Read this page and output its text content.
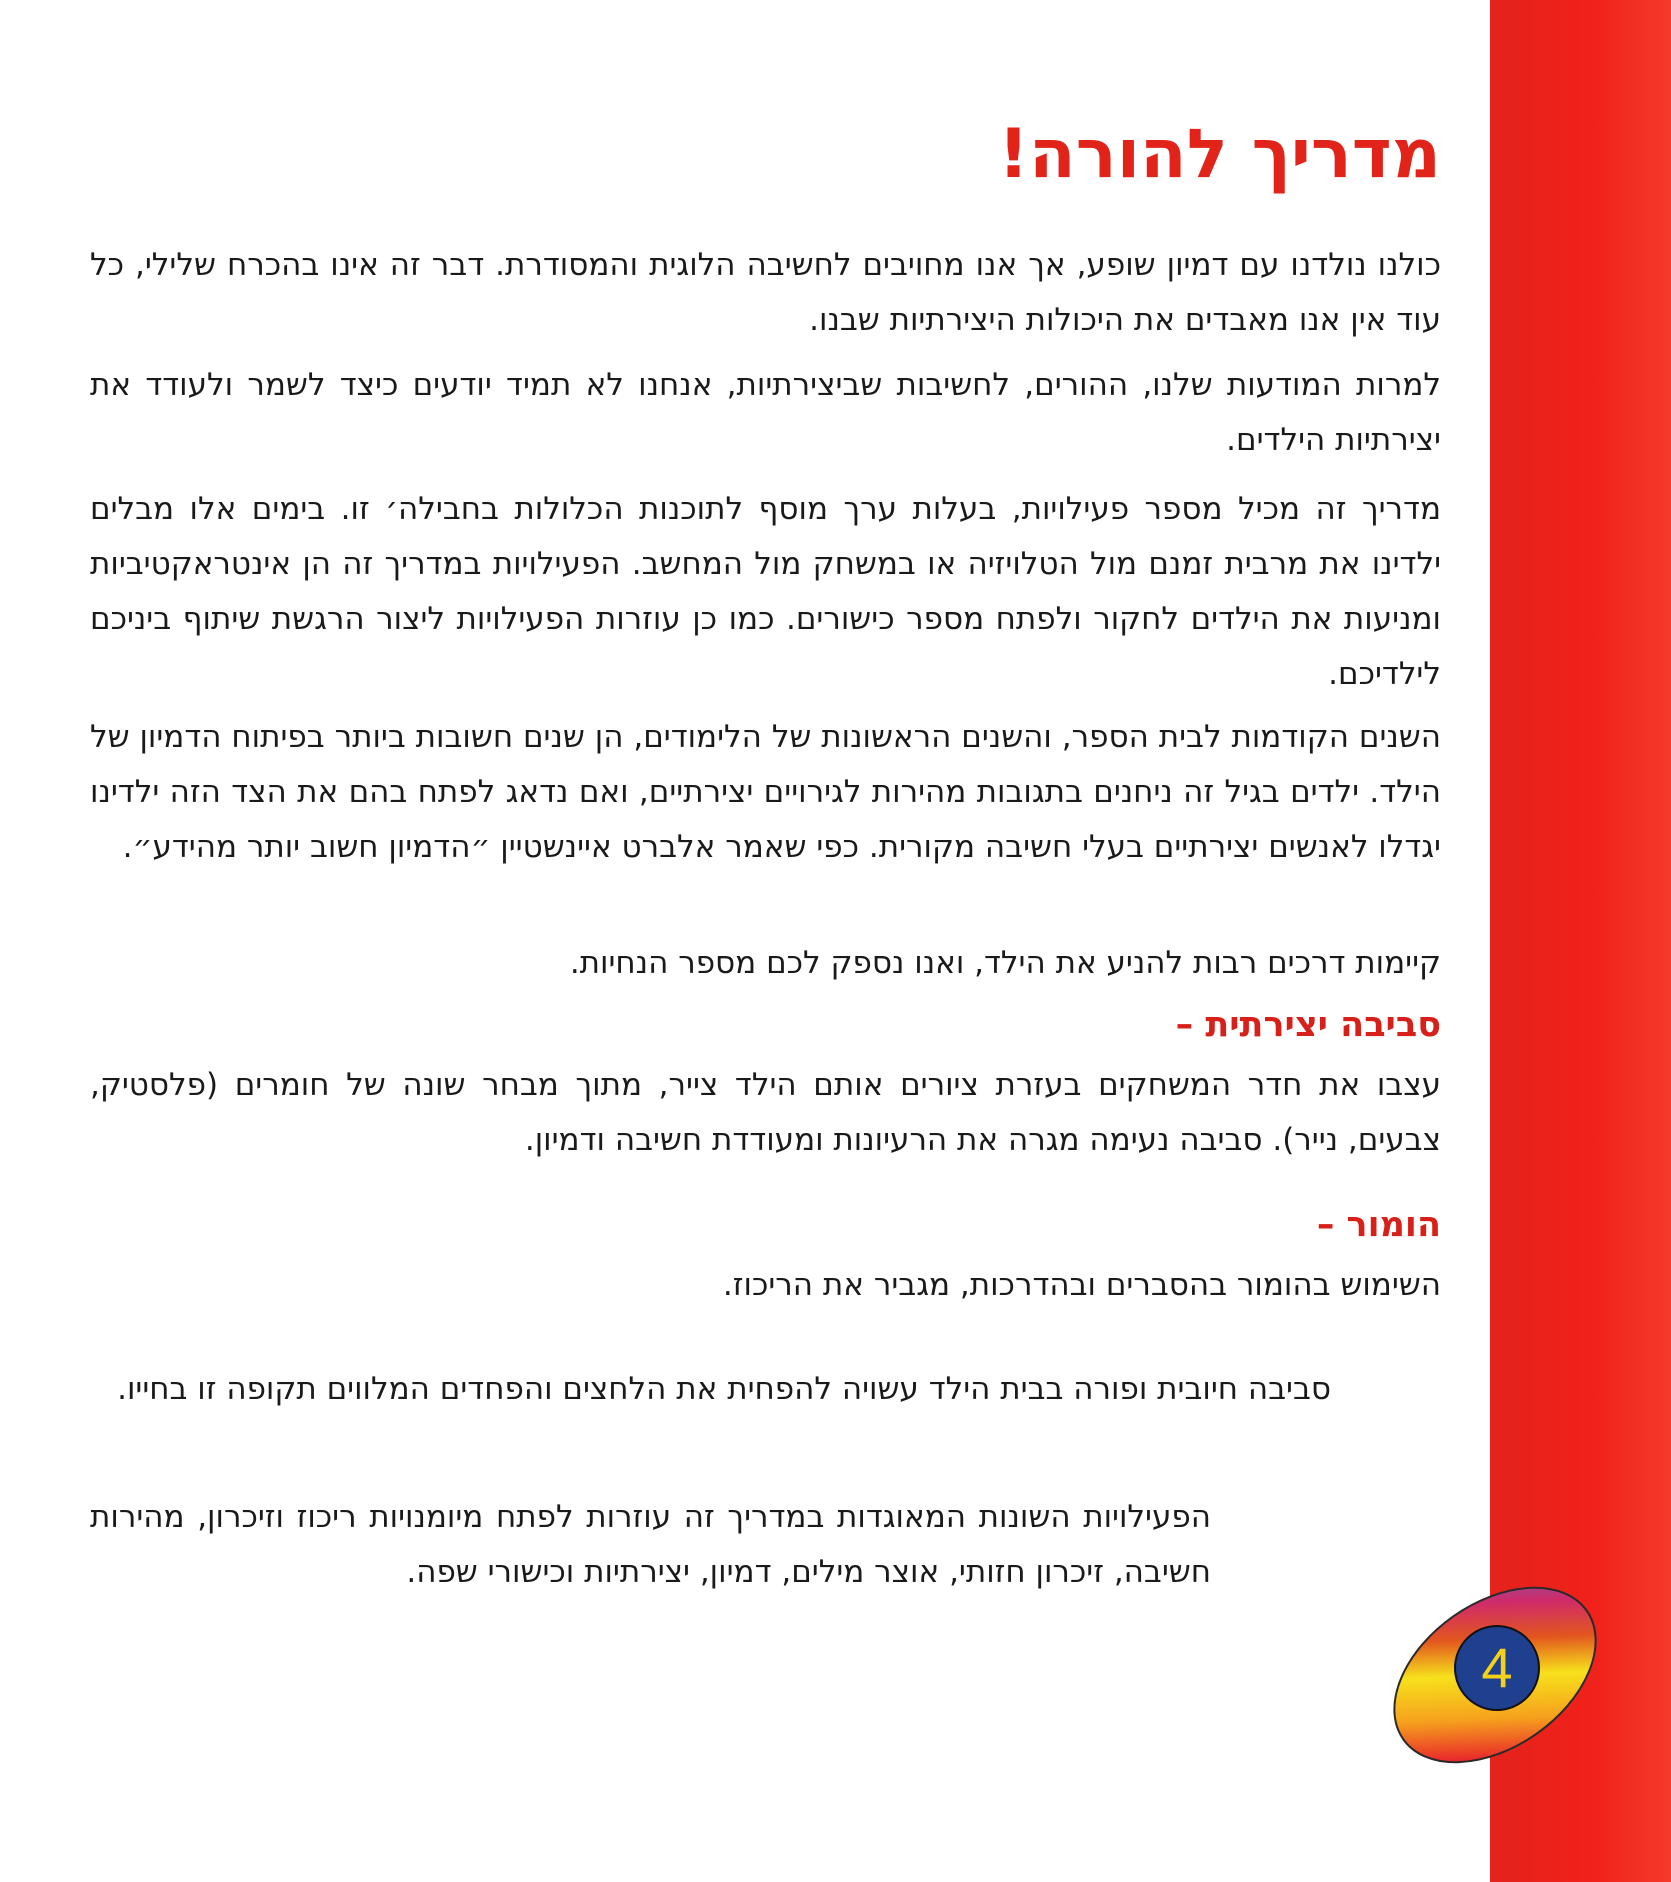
מדריך להורה!

כולנו נולדנו עם דמיון שופע, אך אנו מחויבים לחשיבה הלוגית והמסודרת. דבר זה אינו בהכרח שלילי, כל עוד אין אנו מאבדים את היכולות היצירתיות שבנו.

למרות המודעות שלנו, ההורים, לחשיבות שביצירתיות, אנחנו לא תמיד יודעים כיצד לשמר ולעודד את יצירתיות הילדים.

מדריך זה מכיל מספר פעילויות, בעלות ערך מוסף לתוכנות הכלולות בחבילה׳ זו. בימים אלו מבלים ילדינו את מרבית זמנם מול הטלויזיה או במשחק מול המחשב. הפעילויות במדריך זה הן אינטראקטיביות ומניעות את הילדים לחקור ולפתח מספר כישורים. כמו כן עוזרות הפעילויות ליצור הרגשת שיתוף ביניכם לילדיכם.

השנים הקודמות לבית הספר, והשנים הראשונות של הלימודים, הן שנים חשובות ביותר בפיתוח הדמיון של הילד. ילדים בגיל זה ניחנים בתגובות מהירות לגירויים יצירתיים, ואם נדאג לפתח בהם את הצד הזה ילדינו יגדלו לאנשים יצירתיים בעלי חשיבה מקורית. כפי שאמר אלברט איינשטיין ״הדמיון חשוב יותר מהידע״.

קיימות דרכים רבות להניע את הילד, ואנו נספק לכם מספר הנחיות.

סביבה יצירתית –

עצבו את חדר המשחקים בעזרת ציורים אותם הילד צייר, מתוך מבחר שונה של חומרים (פלסטיק, צבעים, נייר). סביבה נעימה מגרה את הרעיונות ומעודדת חשיבה ודמיון.

הומור –

השימוש בהומור בהסברים ובהדרכות, מגביר את הריכוז.

סביבה חיובית ופורה בבית הילד עשויה להפחית את הלחצים והפחדים המלווים תקופה זו בחייו.

הפעילויות השונות המאוגדות במדריך זה עוזרות לפתח מיומנויות ריכוז וזיכרון, מהירות חשיבה, זיכרון חזותי, אוצר מילים, דמיון, יצירתיות וכישורי שפה.

4
